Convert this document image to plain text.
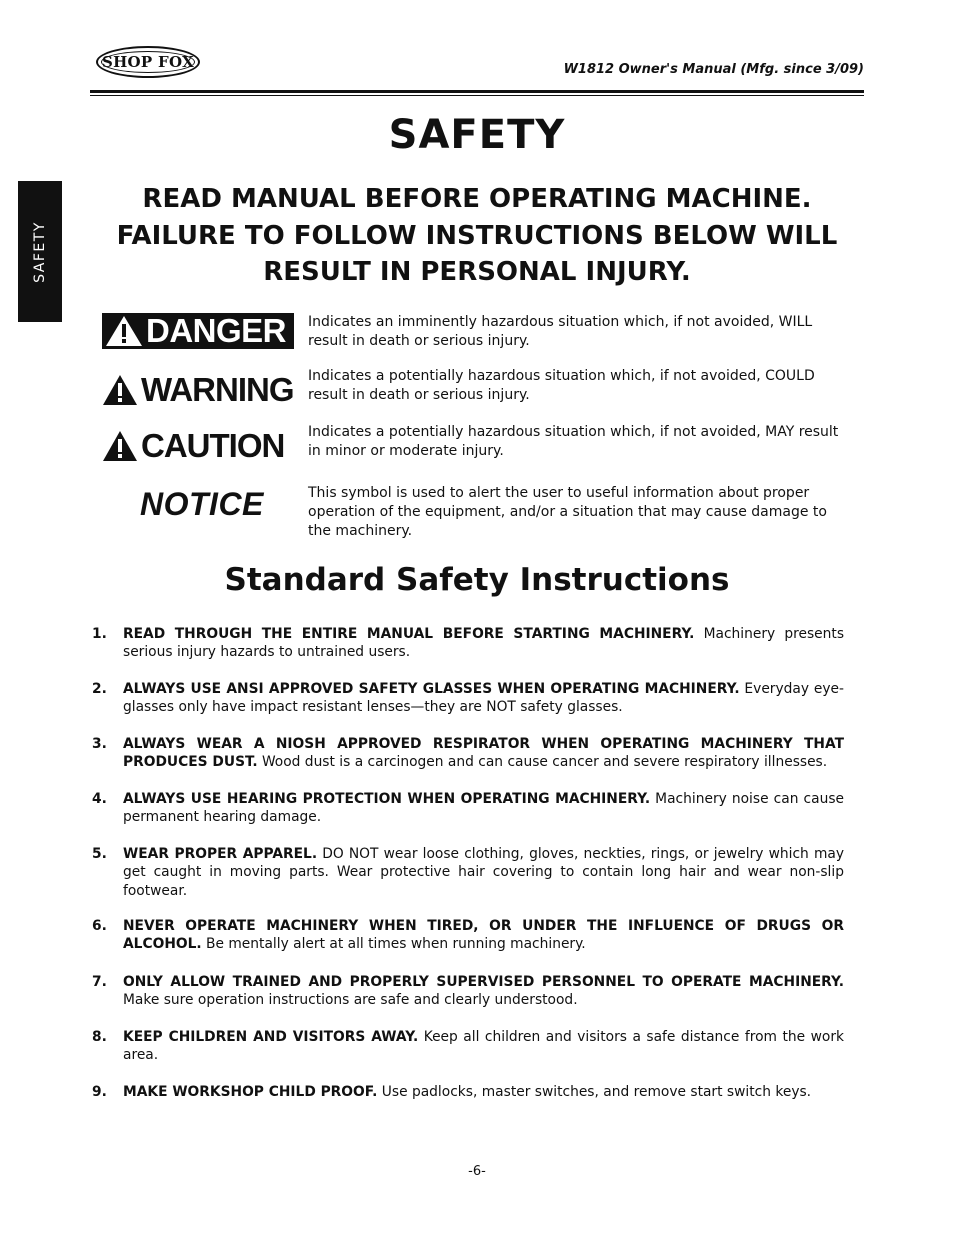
SHOP FOX	W1812 Owner's Manual (Mfg. since 3/09)
SAFETY
SAFETY
READ MANUAL BEFORE OPERATING MACHINE.
FAILURE TO FOLLOW INSTRUCTIONS BELOW WILL
RESULT IN PERSONAL INJURY.
DANGER Indicates an imminently hazardous situation which, if not avoided, WILL result in death or serious injury.
WARNING Indicates a potentially hazardous situation which, if not avoided, COULD result in death or serious injury.
CAUTION Indicates a potentially hazardous situation which, if not avoided, MAY result in minor or moderate injury.
NOTICE	This symbol is used to alert the user to useful information about proper operation of the equipment, and/or a situation that may cause damage to the machinery.
Standard Safety Instructions
1. READ THROUGH THE ENTIRE MANUAL BEFORE STARTING MACHINERY. Machinery presents serious injury hazards to untrained users.
2. ALWAYS USE ANSI APPROVED SAFETY GLASSES WHEN OPERATING MACHINERY. Everyday eye-glasses only have impact resistant lenses—they are NOT safety glasses.
3. ALWAYS WEAR A NIOSH APPROVED RESPIRATOR WHEN OPERATING MACHINERY THAT PRODUCES DUST. Wood dust is a carcinogen and can cause cancer and severe respiratory illnesses.
4. ALWAYS USE HEARING PROTECTION WHEN OPERATING MACHINERY. Machinery noise can cause permanent hearing damage.
5. WEAR PROPER APPAREL. DO NOT wear loose clothing, gloves, neckties, rings, or jewelry which may get caught in moving parts. Wear protective hair covering to contain long hair and wear non-slip footwear.
6. NEVER OPERATE MACHINERY WHEN TIRED, OR UNDER THE INFLUENCE OF DRUGS OR ALCOHOL. Be mentally alert at all times when running machinery.
7. ONLY ALLOW TRAINED AND PROPERLY SUPERVISED PERSONNEL TO OPERATE MACHINERY. Make sure operation instructions are safe and clearly understood.
8. KEEP CHILDREN AND VISITORS AWAY. Keep all children and visitors a safe distance from the work area.
9. MAKE WORKSHOP CHILD PROOF. Use padlocks, master switches, and remove start switch keys.
-6-
